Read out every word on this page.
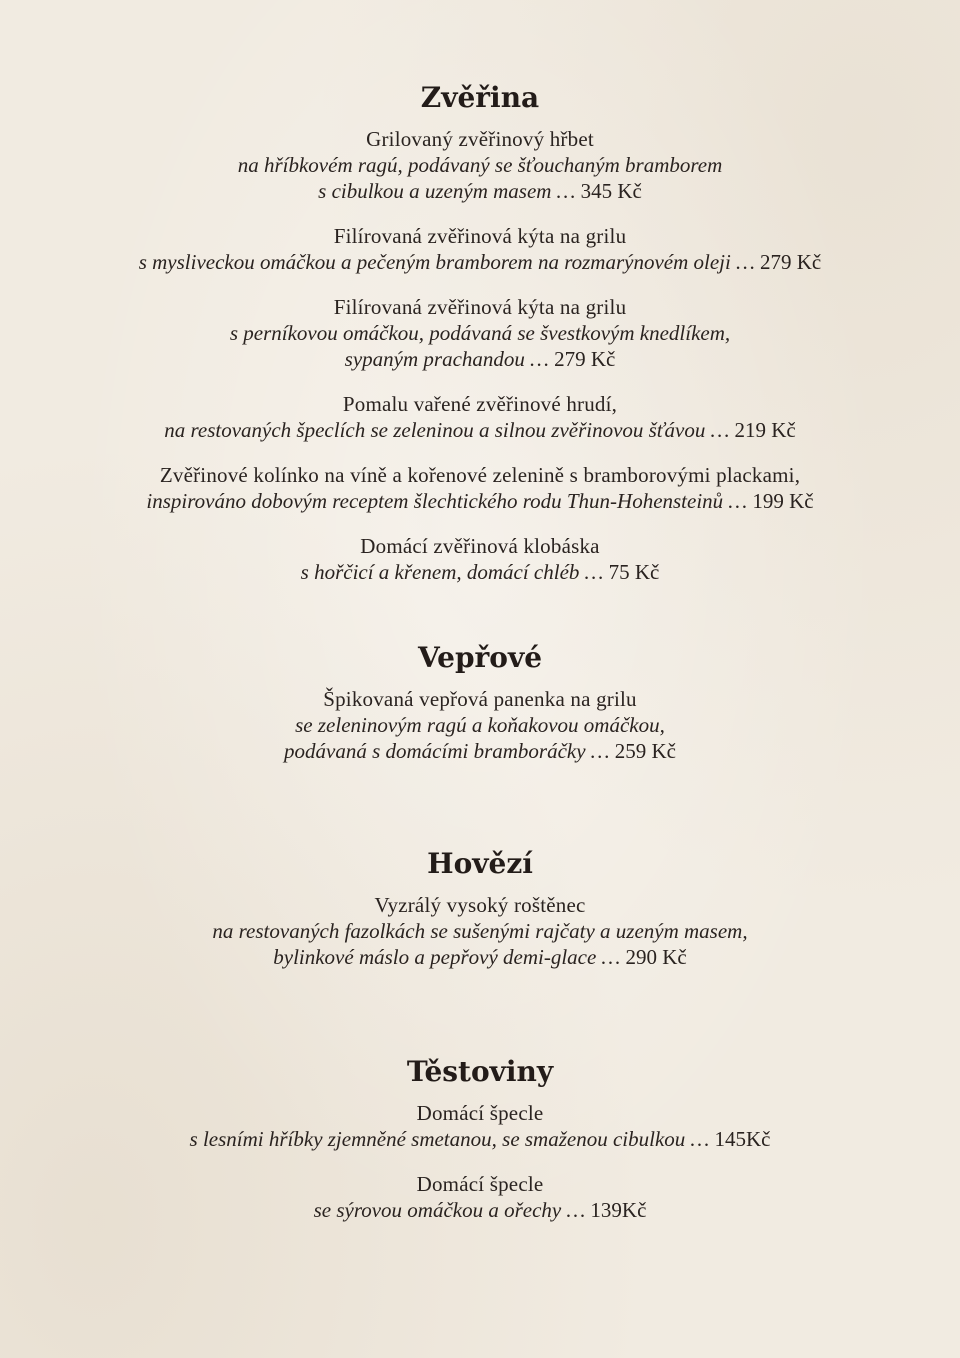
Zvěřina
Grilovaný zvěřinový hřbet
na hříbkovém ragú, podávaný se šťouchaným bramborem
s cibulkou a uzeným masem … 345 Kč
Filírovaná zvěřinová kýta na grilu
s mysliveckou omáčkou a pečeným bramborem na rozmarýnovém oleji … 279 Kč
Filírovaná zvěřinová kýta na grilu
s perníkovou omáčkou, podávaná se švestkovým knedlíkem,
sypaným prachandou … 279 Kč
Pomalu vařené zvěřinové hrudí,
na restovaných špeclích se zeleninou a silnou zvěřinovou šťávou … 219 Kč
Zvěřinové kolínko na víně a kořenové zelenině s bramborovými plackami,
inspirováno dobovým receptem šlechtického rodu Thun-Hohensteinů … 199 Kč
Domácí zvěřinová klobáska
s hořčicí a křenem, domácí chléb … 75 Kč
Vepřové
Špikovaná vepřová panenka na grilu
se zeleninovým ragú a koňakovou omáčkou,
podávaná s domácími bramboráčky … 259 Kč
Hovězí
Vyzrálý vysoký roštěnec
na restovaných fazolkách se sušenými rajčaty a uzeným masem,
bylinkové máslo a pepřový demi-glace … 290 Kč
Těstoviny
Domácí špecle
s lesními hříbky zjemněné smetanou, se smaženou cibulkou … 145Kč
Domácí špecle
se sýrovou omáčkou a ořechy … 139Kč
